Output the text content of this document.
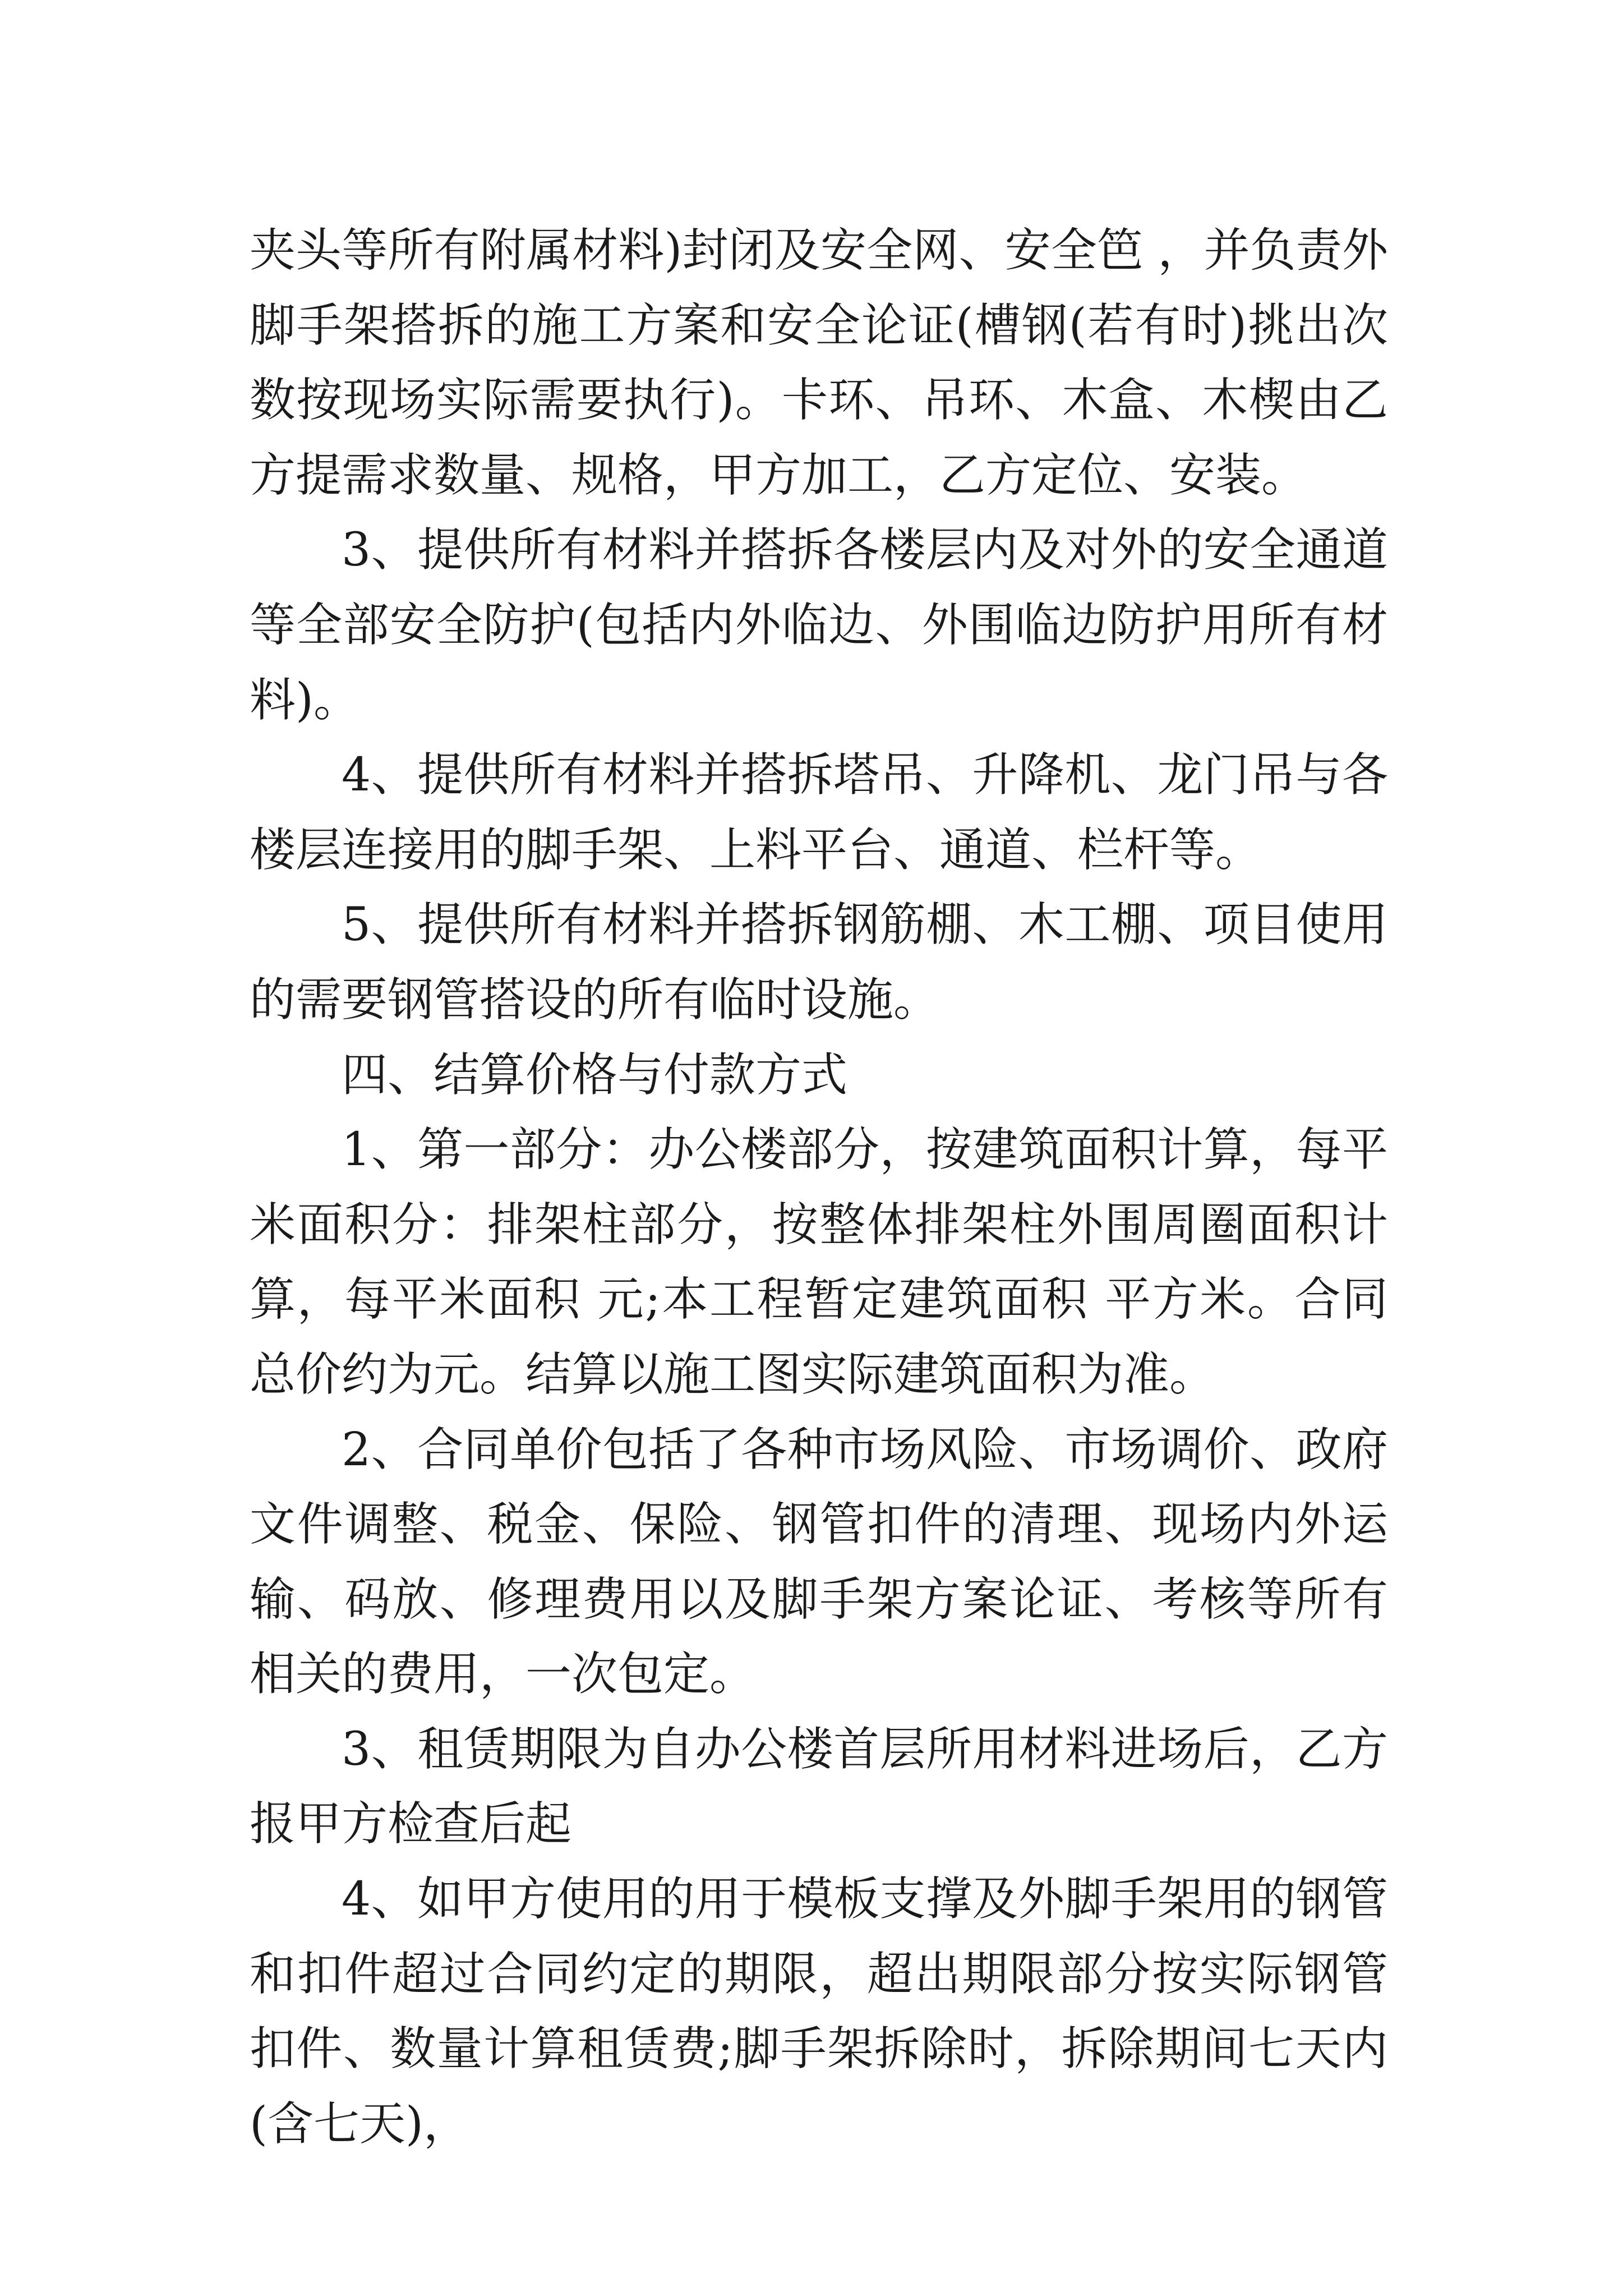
夹头等所有附属材料)封闭及安全网、安全笆 ，并负责外脚手架搭拆的施工方案和安全论证(槽钢(若有时)挑出次数按现场实际需要执行)。卡环、吊环、木盒、木楔由乙方提需求数量、规格，甲方加工，乙方定位、安装。

3、提供所有材料并搭拆各楼层内及对外的安全通道等全部安全防护(包括内外临边、外围临边防护用所有材料)。

4、提供所有材料并搭拆塔吊、升降机、龙门吊与各楼层连接用的脚手架、上料平台、通道、栏杆等。

5、提供所有材料并搭拆钢筋棚、木工棚、项目使用的需要钢管搭设的所有临时设施。

四、结算价格与付款方式

1、第一部分：办公楼部分，按建筑面积计算，每平米面积分：排架柱部分，按整体排架柱外围周圈面积计算，每平米面积 元;本工程暂定建筑面积 平方米。合同总价约为元。结算以施工图实际建筑面积为准。

2、合同单价包括了各种市场风险、市场调价、政府文件调整、税金、保险、钢管扣件的清理、现场内外运输、码放、修理费用以及脚手架方案论证、考核等所有相关的费用，一次包定。

3、租赁期限为自办公楼首层所用材料进场后，乙方报甲方检查后起

4、如甲方使用的用于模板支撑及外脚手架用的钢管和扣件超过合同约定的期限，超出期限部分按实际钢管扣件、数量计算租赁费;脚手架拆除时，拆除期间七天内(含七天)，
